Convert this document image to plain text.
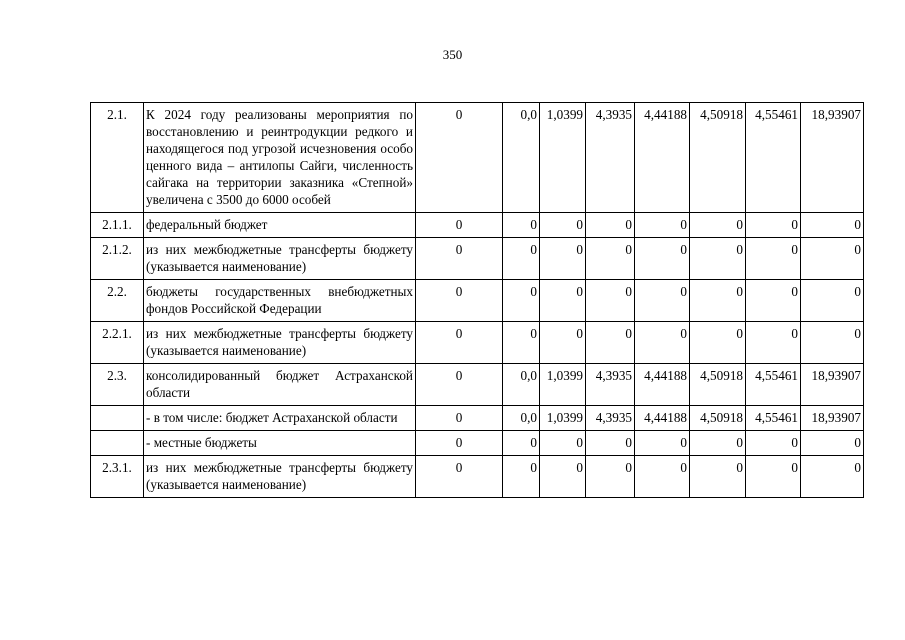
350
2.1.	К 2024 году реализованы мероприятия по восстановлению и реинтродукции редкого и находящегося под угрозой исчезновения особо ценного вида – антилопы Сайги, численность сайгака на территории заказника «Степной» увеличена с 3500 до 6000 особей	0	0,0	1,0399	4,3935	4,44188	4,50918	4,55461	18,93907
2.1.1.	федеральный бюджет	0	0	0	0	0	0	0	0
2.1.2.	из них межбюджетные трансферты бюджету (указывается наименование)	0	0	0	0	0	0	0	0
2.2.	бюджеты государственных внебюджетных фондов Российской Федерации	0	0	0	0	0	0	0	0
2.2.1.	из них межбюджетные трансферты бюджету (указывается наименование)	0	0	0	0	0	0	0	0
2.3.	консолидированный бюджет Астраханской области	0	0,0	1,0399	4,3935	4,44188	4,50918	4,55461	18,93907
	- в том числе: бюджет Астраханской области	0	0,0	1,0399	4,3935	4,44188	4,50918	4,55461	18,93907
	- местные бюджеты	0	0	0	0	0	0	0	0
2.3.1.	из них межбюджетные трансферты бюджету (указывается наименование)	0	0	0	0	0	0	0	0
